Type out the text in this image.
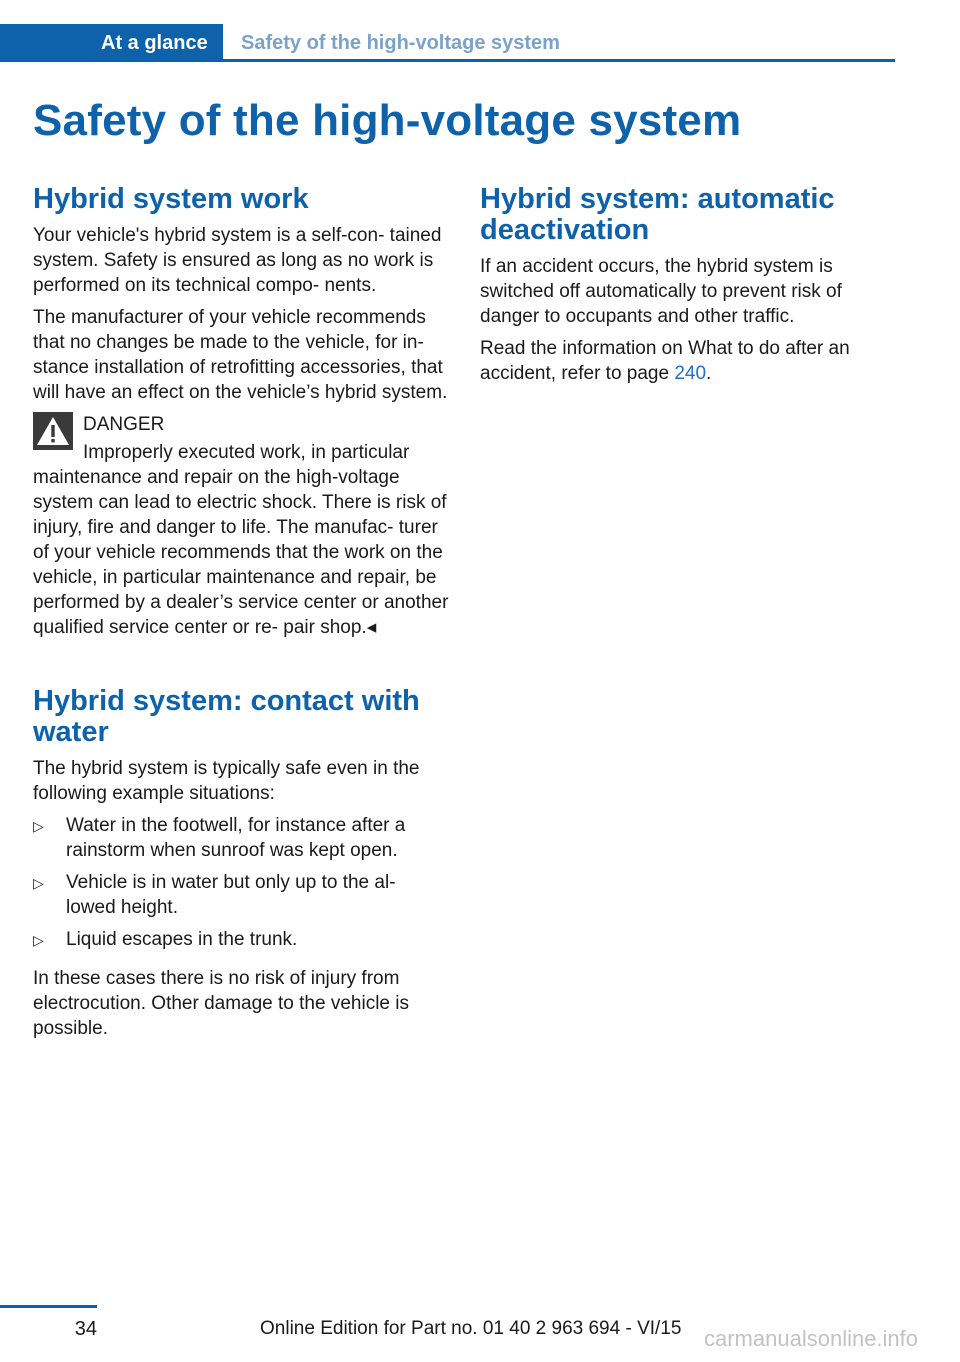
At a glance	Safety of the high-voltage system
Safety of the high-voltage system
Hybrid system work

Your vehicle's hybrid system is a self-con- tained system. Safety is ensured as long as no work is performed on its technical compo- nents.

The manufacturer of your vehicle recommends that no changes be made to the vehicle, for in- stance installation of retrofitting accessories, that will have an effect on the vehicle’s hybrid system.

DANGER

Improperly executed work, in particular maintenance and repair on the high-voltage system can lead to electric shock. There is risk of injury, fire and danger to life. The manufac- turer of your vehicle recommends that the work on the vehicle, in particular maintenance and repair, be performed by a dealer’s service center or another qualified service center or re- pair shop.◂

Hybrid system: contact with water

The hybrid system is typically safe even in the following example situations:

▷ Water in the footwell, for instance after a rainstorm when sunroof was kept open.
▷ Vehicle is in water but only up to the al- lowed height.
▷ Liquid escapes in the trunk.

In these cases there is no risk of injury from electrocution. Other damage to the vehicle is possible.

Hybrid system: automatic deactivation

If an accident occurs, the hybrid system is switched off automatically to prevent risk of danger to occupants and other traffic.

Read the information on What to do after an accident, refer to page 240.

34	Online Edition for Part no. 01 40 2 963 694 - VI/15 carmanualsonline.info
